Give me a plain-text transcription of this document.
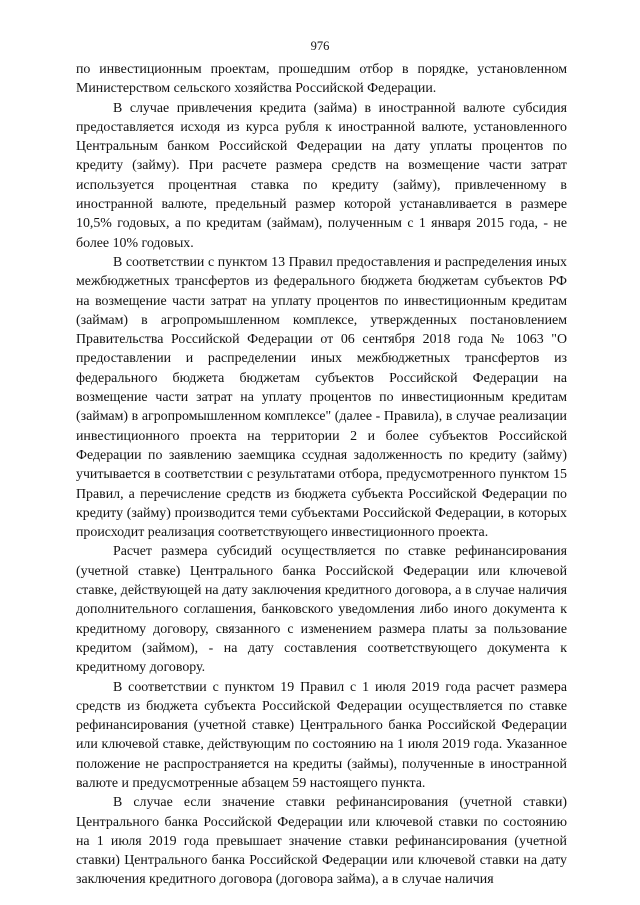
976

по инвестиционным проектам, прошедшим отбор в порядке, установленном Министерством сельского хозяйства Российской Федерации.

В случае привлечения кредита (займа) в иностранной валюте субсидия предоставляется исходя из курса рубля к иностранной валюте, установленного Центральным банком Российской Федерации на дату уплаты процентов по кредиту (займу). При расчете размера средств на возмещение части затрат используется процентная ставка по кредиту (займу), привлеченному в иностранной валюте, предельный размер которой устанавливается в размере 10,5% годовых, а по кредитам (займам), полученным с 1 января 2015 года, - не более 10% годовых.

В соответствии с пунктом 13 Правил предоставления и распределения иных межбюджетных трансфертов из федерального бюджета бюджетам субъектов РФ на возмещение части затрат на уплату процентов по инвестиционным кредитам (займам) в агропромышленном комплексе, утвержденных постановлением Правительства Российской Федерации от 06 сентября 2018 года № 1063 "О предоставлении и распределении иных межбюджетных трансфертов из федерального бюджета бюджетам субъектов Российской Федерации на возмещение части затрат на уплату процентов по инвестиционным кредитам (займам) в агропромышленном комплексе" (далее - Правила), в случае реализации инвестиционного проекта на территории 2 и более субъектов Российской Федерации по заявлению заемщика ссудная задолженность по кредиту (займу) учитывается в соответствии с результатами отбора, предусмотренного пунктом 15 Правил, а перечисление средств из бюджета субъекта Российской Федерации по кредиту (займу) производится теми субъектами Российской Федерации, в которых происходит реализация соответствующего инвестиционного проекта.

Расчет размера субсидий осуществляется по ставке рефинансирования (учетной ставке) Центрального банка Российской Федерации или ключевой ставке, действующей на дату заключения кредитного договора, а в случае наличия дополнительного соглашения, банковского уведомления либо иного документа к кредитному договору, связанного с изменением размера платы за пользование кредитом (займом), - на дату составления соответствующего документа к кредитному договору.

В соответствии с пунктом 19 Правил с 1 июля 2019 года расчет размера средств из бюджета субъекта Российской Федерации осуществляется по ставке рефинансирования (учетной ставке) Центрального банка Российской Федерации или ключевой ставке, действующим по состоянию на 1 июля 2019 года. Указанное положение не распространяется на кредиты (займы), полученные в иностранной валюте и предусмотренные абзацем 59 настоящего пункта.

В случае если значение ставки рефинансирования (учетной ставки) Центрального банка Российской Федерации или ключевой ставки по состоянию на 1 июля 2019 года превышает значение ставки рефинансирования (учетной ставки) Центрального банка Российской Федерации или ключевой ставки на дату заключения кредитного договора (договора займа), а в случае наличия
